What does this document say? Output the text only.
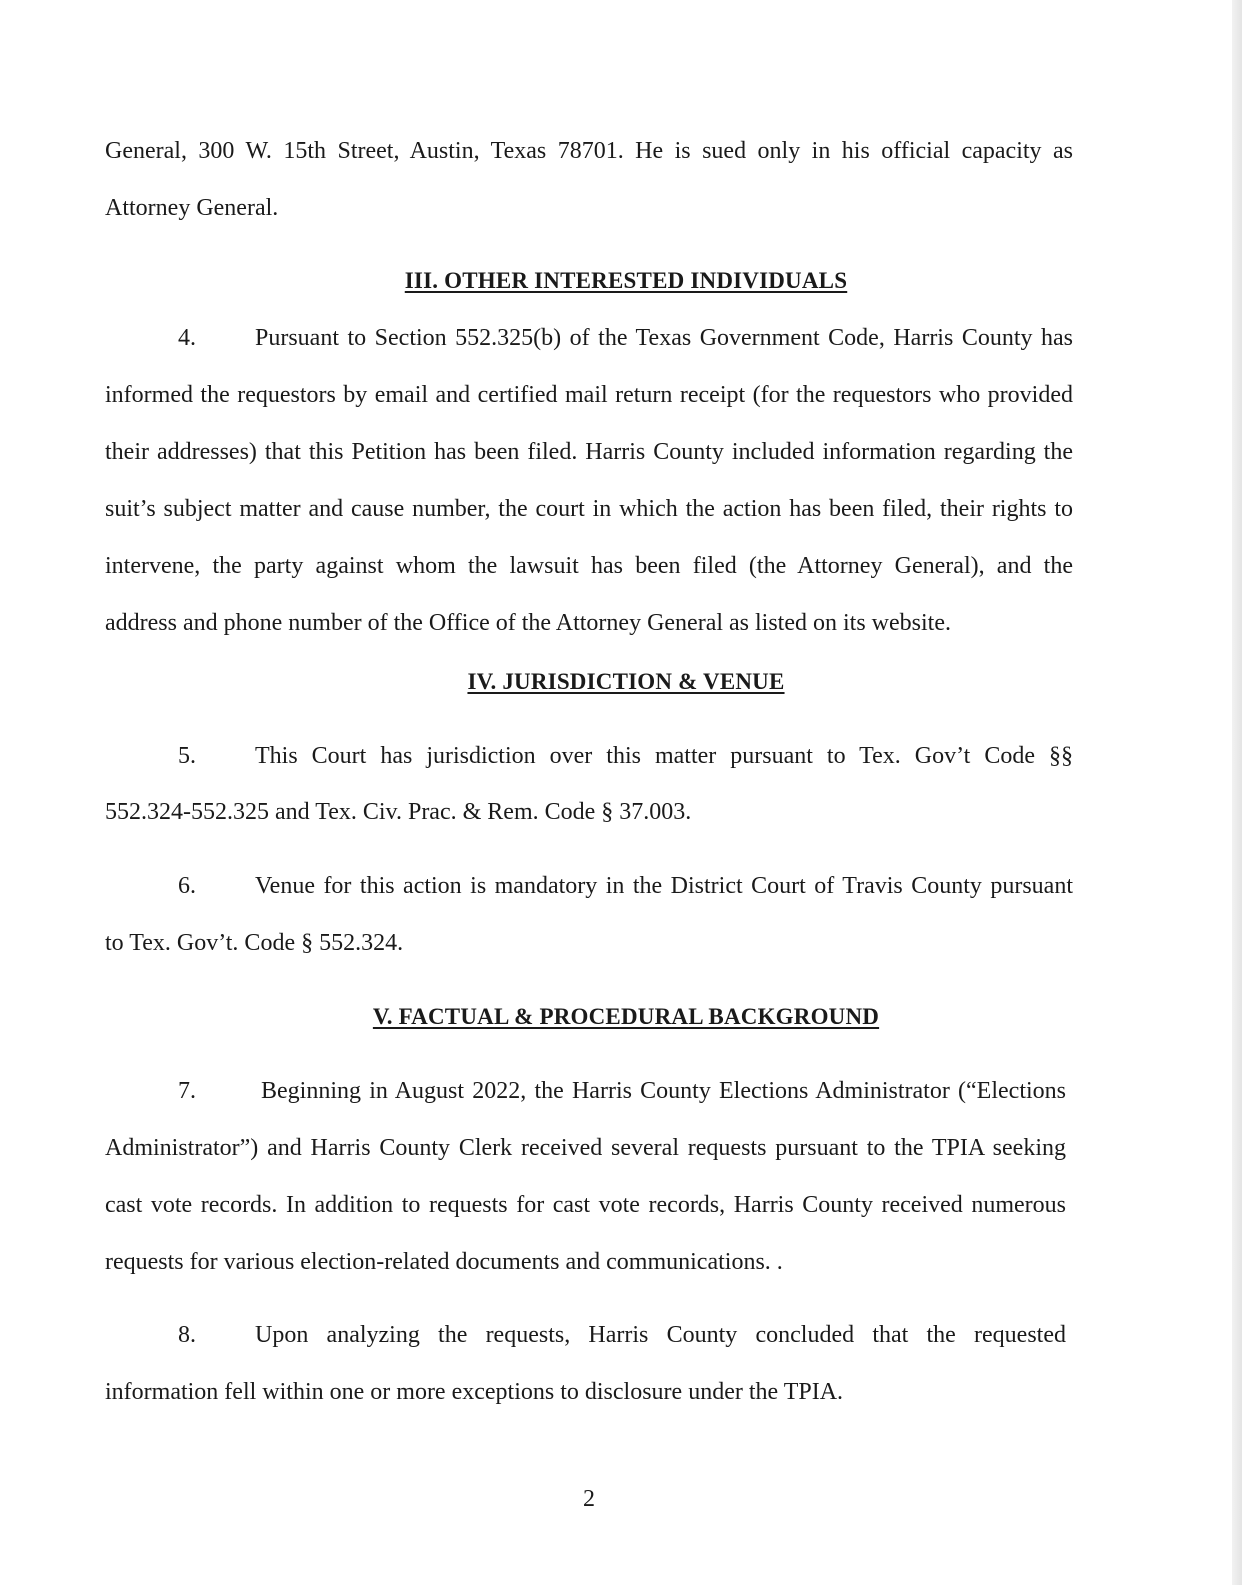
General, 300 W. 15th Street, Austin, Texas 78701. He is sued only in his official capacity as
Attorney General.
III. OTHER INTERESTED INDIVIDUALS
4. Pursuant to Section 552.325(b) of the Texas Government Code, Harris County has
informed the requestors by email and certified mail return receipt (for the requestors who provided
their addresses) that this Petition has been filed. Harris County included information regarding the
suit’s subject matter and cause number, the court in which the action has been filed, their rights to
intervene, the party against whom the lawsuit has been filed (the Attorney General), and the
address and phone number of the Office of the Attorney General as listed on its website.
IV. JURISDICTION & VENUE
5. This Court has jurisdiction over this matter pursuant to Tex. Gov’t Code §§
552.324-552.325 and Tex. Civ. Prac. & Rem. Code § 37.003.
6. Venue for this action is mandatory in the District Court of Travis County pursuant
to Tex. Gov’t. Code § 552.324.
V. FACTUAL & PROCEDURAL BACKGROUND
7.	Beginning in August 2022, the Harris County Elections Administrator (“Elections
Administrator”) and Harris County Clerk received several requests pursuant to the TPIA seeking
cast vote records. In addition to requests for cast vote records, Harris County received numerous
requests for various election-related documents and communications. .
8. Upon analyzing the requests, Harris County concluded that the requested
information fell within one or more exceptions to disclosure under the TPIA.
2
